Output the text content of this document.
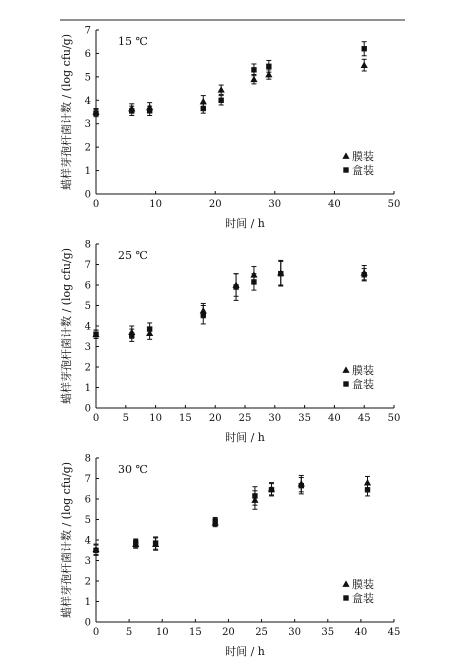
0	10	20	30	40	50
0
1
2
3
4
5
6
7
15 ℃
时间 / h
蜡样芽孢杆菌计数 / (log cfu/g)	膜装
盒装
0 5 10 15 20 25 30 35 40 45 50
0
1
2
3
4
5
6
7
8
25 ℃
时间 / h
蜡样芽孢杆菌计数 / (log cfu/g)	膜装
盒装
0	5 10 15 20 25 30 35 40 45
0
1
2
3
4
5
6
7
8
30 ℃
时间 / h
蜡样芽孢杆菌计数 / (log cfu/g)	膜装
盒装
